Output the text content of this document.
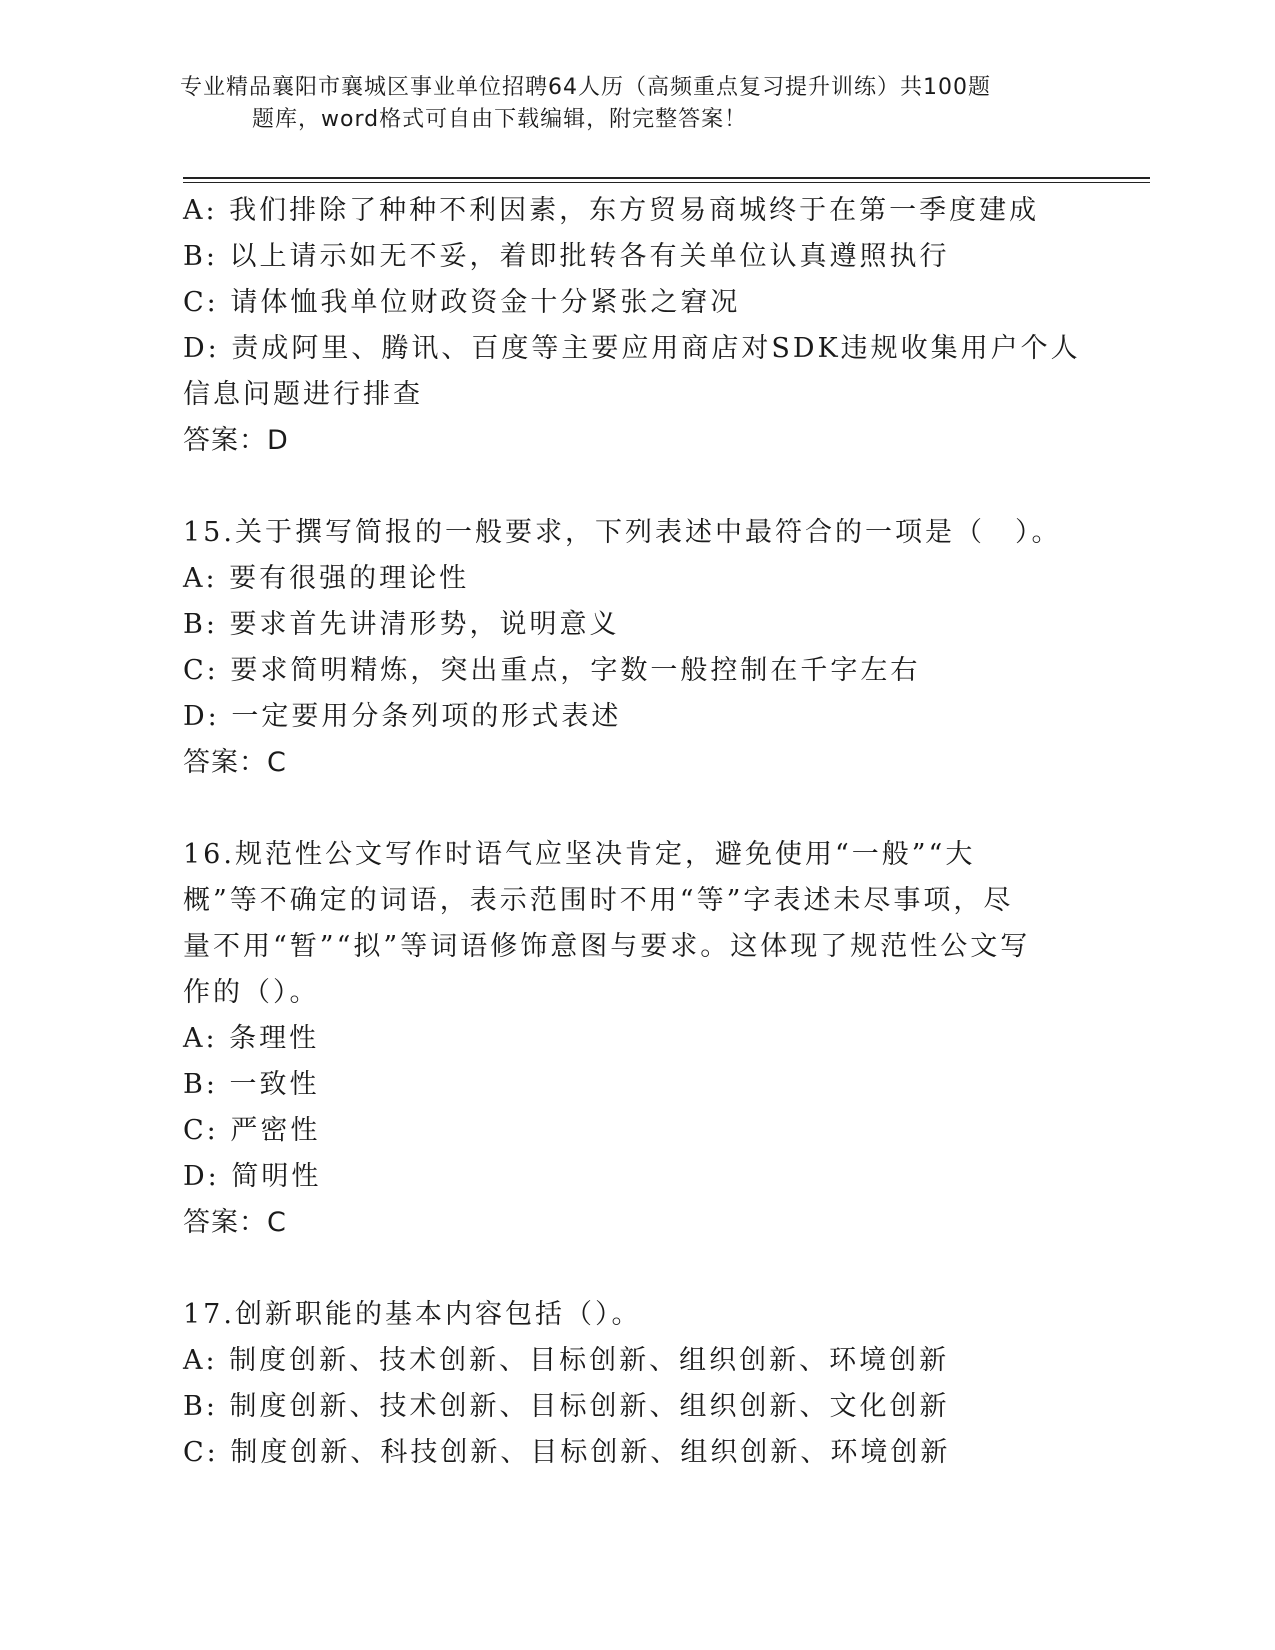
专业精品襄阳市襄城区事业单位招聘64人历（高频重点复习提升训练）共100题
题库，word格式可自由下载编辑，附完整答案！
A: 我们排除了种种不利因素，东方贸易商城终于在第一季度建成
B: 以上请示如无不妥，着即批转各有关单位认真遵照执行
C: 请体恤我单位财政资金十分紧张之窘况
D: 责成阿里、腾讯、百度等主要应用商店对SDK违规收集用户个人信息问题进行排查
答案：D
15.关于撰写简报的一般要求，下列表述中最符合的一项是（　）。
A: 要有很强的理论性
B: 要求首先讲清形势，说明意义
C: 要求简明精炼，突出重点，字数一般控制在千字左右
D: 一定要用分条列项的形式表述
答案：C
16.规范性公文写作时语气应坚决肯定，避免使用“一般”“大概”等不确定的词语，表示范围时不用“等”字表述未尽事项，尽量不用“暂”“拟”等词语修饰意图与要求。这体现了规范性公文写作的（）。
A: 条理性
B: 一致性
C: 严密性
D: 简明性
答案：C
17.创新职能的基本内容包括（）。
A: 制度创新、技术创新、目标创新、组织创新、环境创新
B: 制度创新、技术创新、目标创新、组织创新、文化创新
C: 制度创新、科技创新、目标创新、组织创新、环境创新
